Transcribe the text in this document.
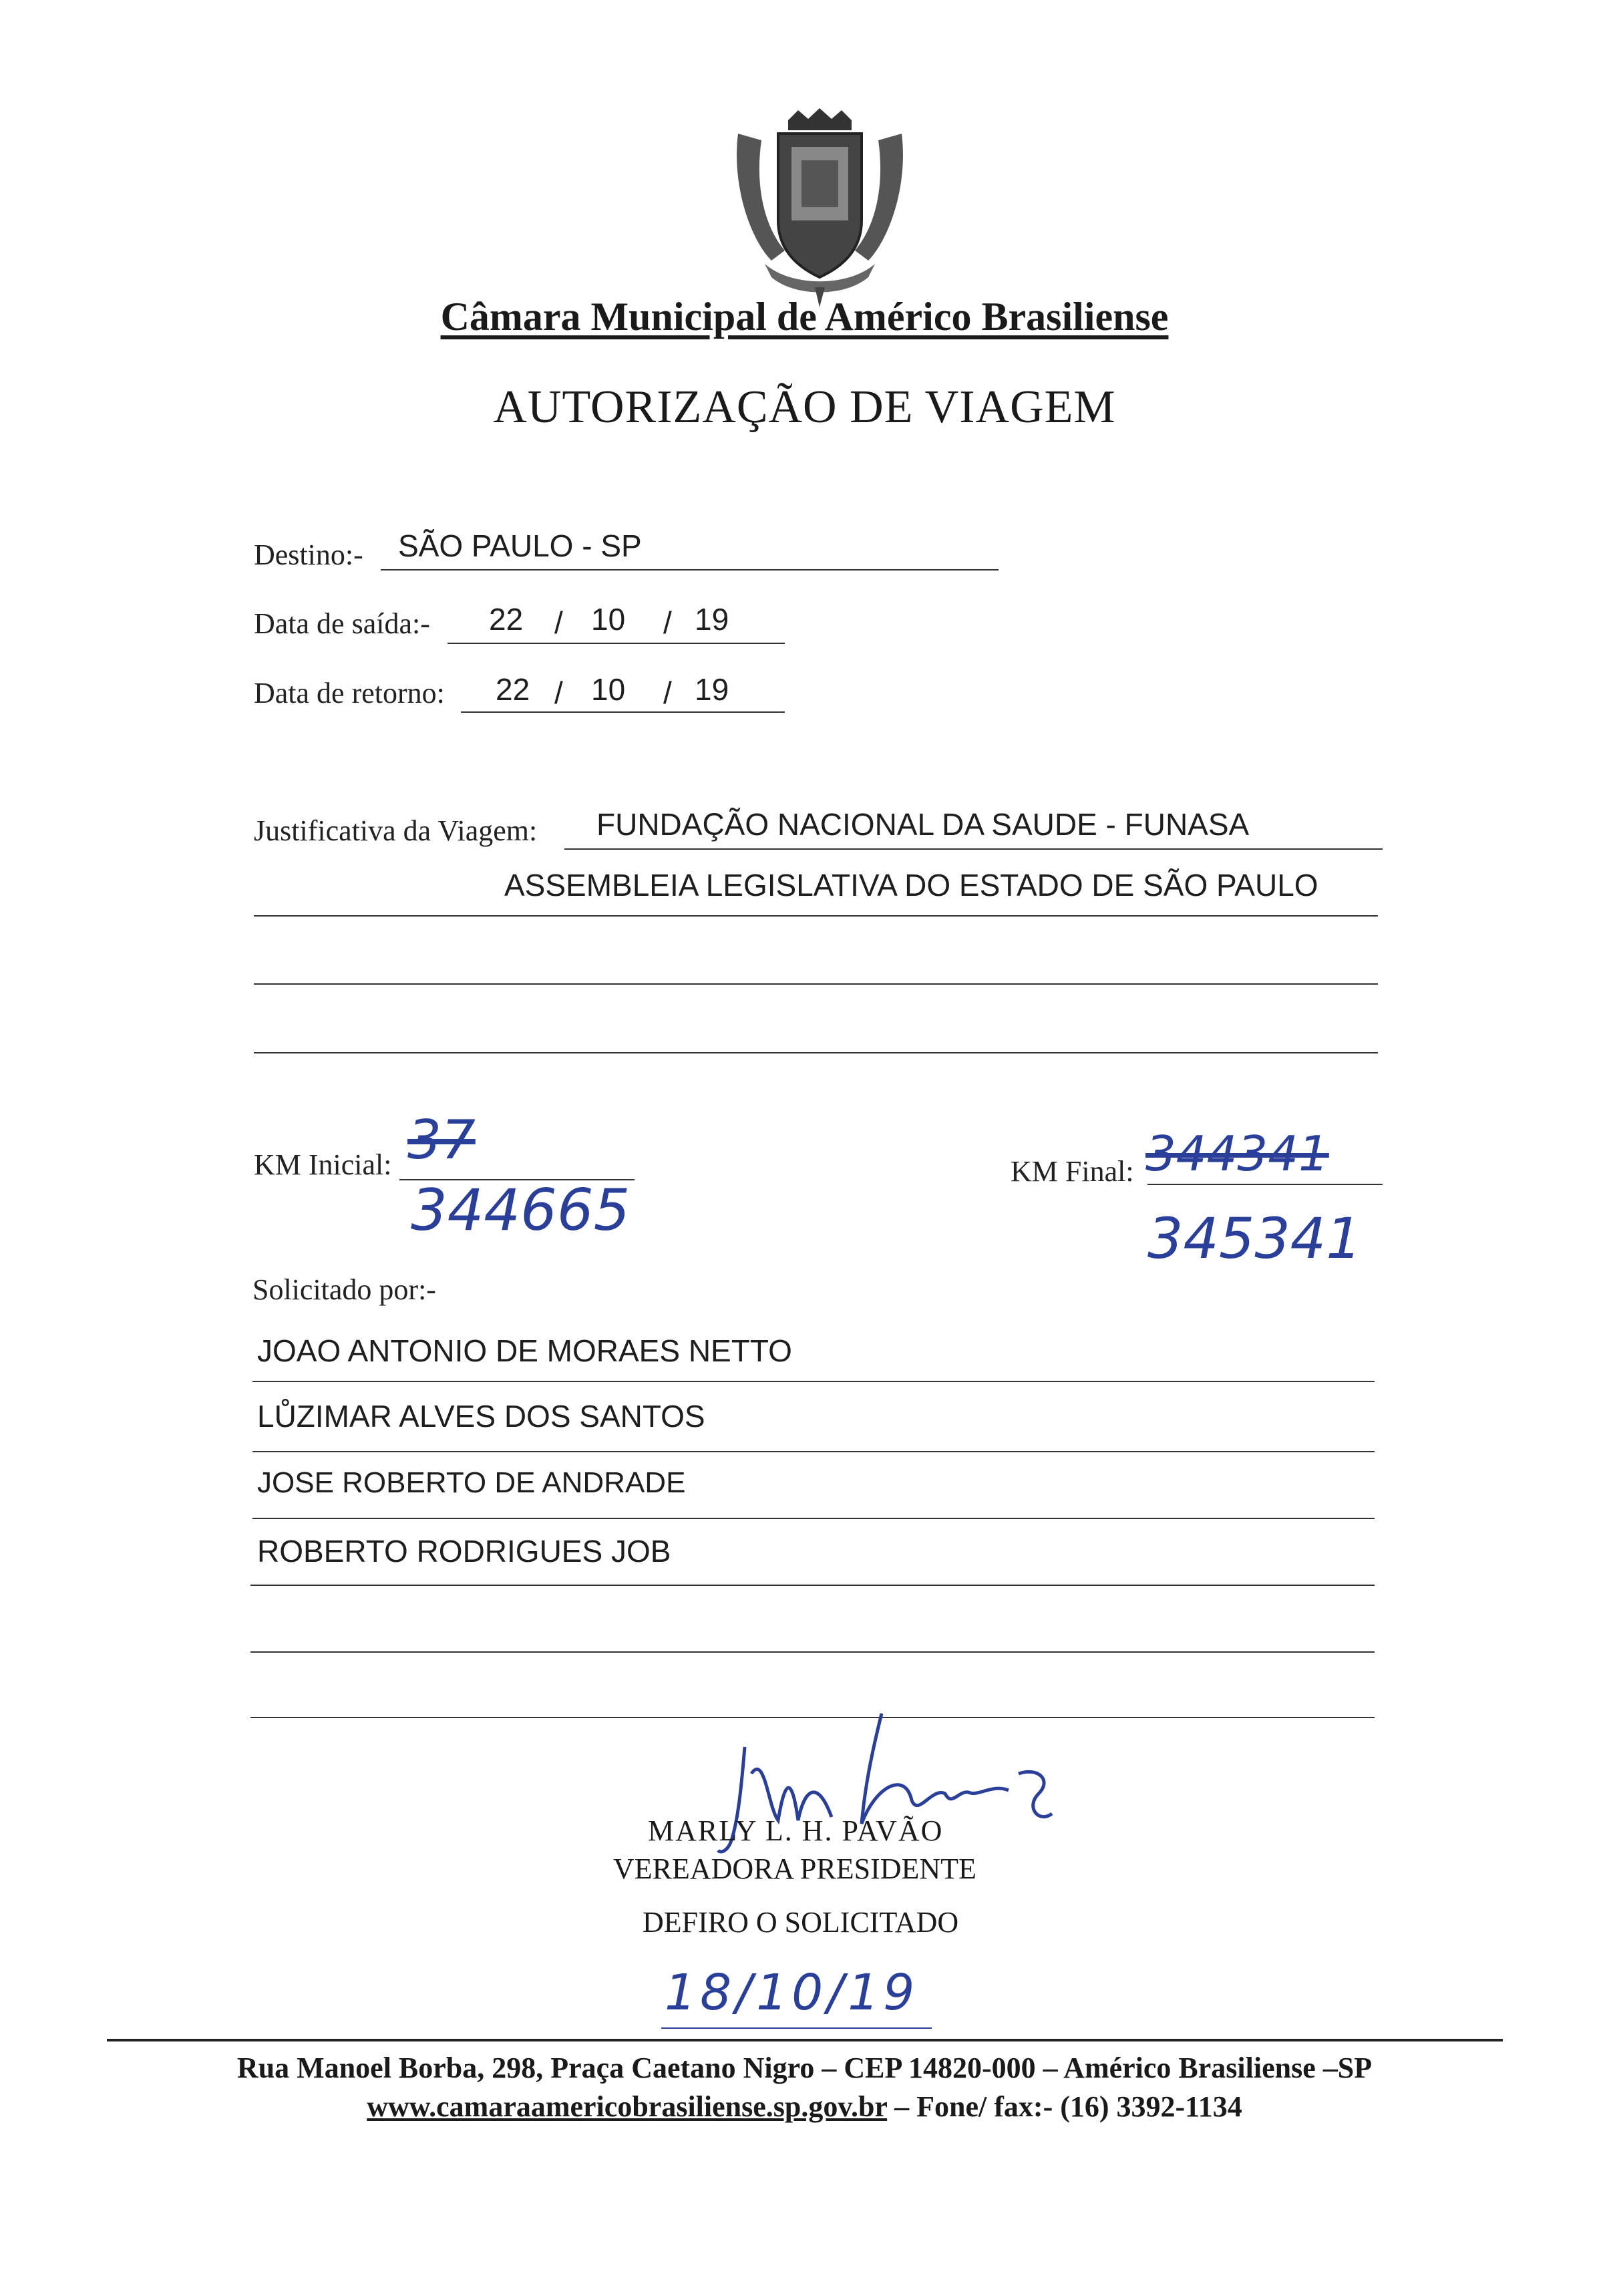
Câmara Municipal de Américo Brasiliense
AUTORIZAÇÃO DE VIAGEM
Destino:- SÃO PAULO - SP
Data de saída:- 22 / 10 / 19
Data de retorno: 22 / 10 / 19
Justificativa da Viagem: FUNDAÇÃO NACIONAL DA SAUDE - FUNASA
ASSEMBLEIA LEGISLATIVA DO ESTADO DE SÃO PAULO
KM Inicial: 37
344665
KM Final: 344341
345341
Solicitado por:-
JOAO ANTONIO DE MORAES NETTO
LŮZIMAR ALVES DOS SANTOS
JOSE ROBERTO DE ANDRADE
ROBERTO RODRIGUES JOB
MARLY L. H. PAVÃO
VEREADORA PRESIDENTE
DEFIRO O SOLICITADO
18/10/19
Rua Manoel Borba, 298, Praça Caetano Nigro – CEP 14820-000 – Américo Brasiliense –SP
www.camaraamericobrasiliense.sp.gov.br – Fone/ fax:- (16) 3392-1134
